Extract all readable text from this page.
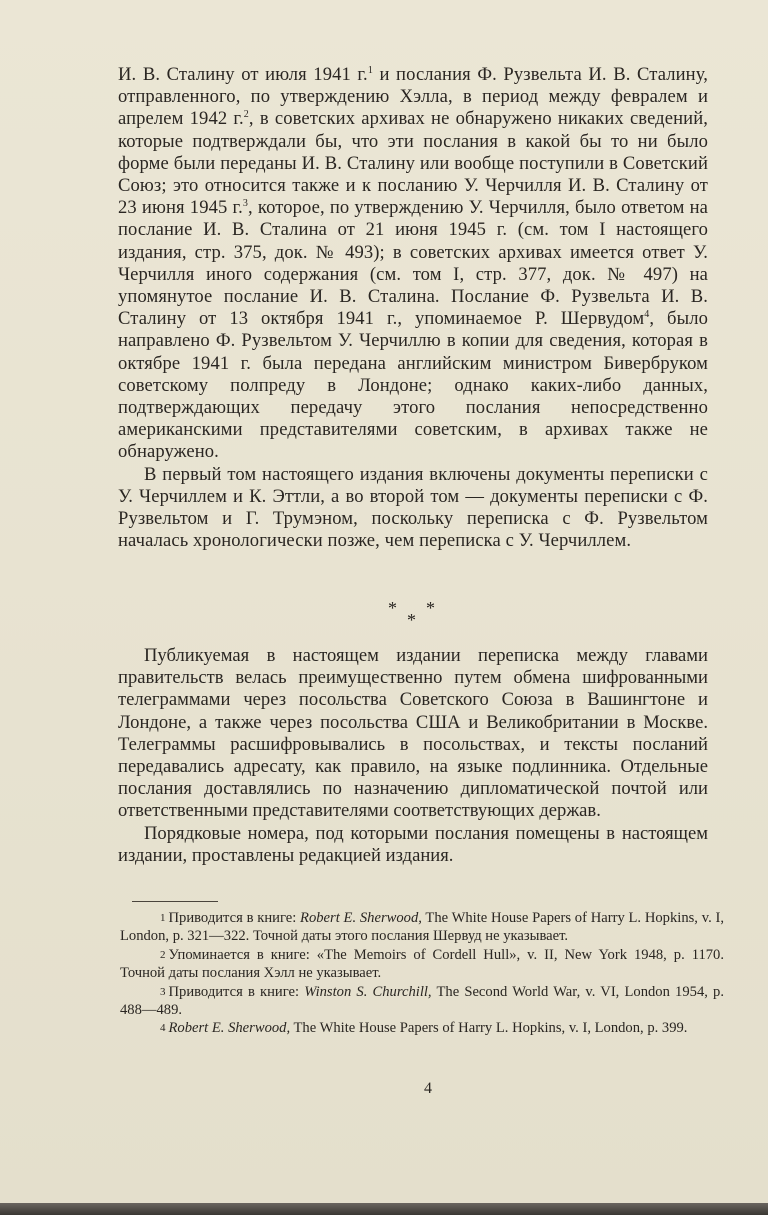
И. В. Сталину от июля 1941 г.$^1$ и послания Ф. Рузвельта И. В. Сталину, отправленного, по утверждению Хэлла, в период между февралем и апрелем 1942 г.$^2$, в советских архивах не обнаружено никаких сведений, которые подтверждали бы, что эти послания в какой бы то ни было форме были переданы И. В. Сталину или вообще поступили в Советский Союз; это относится также и к посланию У. Черчилля И. В. Сталину от 23 июня 1945 г.$^3$, которое, по утверждению У. Черчилля, было ответом на послание И. В. Сталина от 21 июня 1945 г. (см. том I настоящего издания, стр. 375, док. № 493); в советских архивах имеется ответ У. Черчилля иного содержания (см. том I, стр. 377, док. № 497) на упомянутое послание И. В. Сталина. Послание Ф. Рузвельта И. В. Сталину от 13 октября 1941 г., упоминаемое Р. Шервудом$^4$, было направлено Ф. Рузвельтом У. Черчиллю в копии для сведения, которая в октябре 1941 г. была передана английским министром Бивербруком советскому полпреду в Лондоне; однако каких-либо данных, подтверждающих передачу этого послания непосредственно американскими представителями советским, в архивах также не обнаружено.

В первый том настоящего издания включены документы переписки с У. Черчиллем и К. Эттли, а во второй том — документы переписки с Ф. Рузвельтом и Г. Трумэном, поскольку переписка с Ф. Рузвельтом началась хронологически позже, чем переписка с У. Черчиллем.

* *
*

Публикуемая в настоящем издании переписка между главами правительств велась преимущественно путем обмена шифрованными телеграммами через посольства Советского Союза в Вашингтоне и Лондоне, а также через посольства США и Великобритании в Москве. Телеграммы расшифровывались в посольствах, и тексты посланий передавались адресату, как правило, на языке подлинника. Отдельные послания доставлялись по назначению дипломатической почтой или ответственными представителями соответствующих держав.

Порядковые номера, под которыми послания помещены в настоящем издании, проставлены редакцией издания.

1 Приводится в книге: Robert E. Sherwood, The White House Papers of Harry L. Hopkins, v. I, London, p. 321—322. Точной даты этого послания Шервуд не указывает.

2 Упоминается в книге: «The Memoirs of Cordell Hull», v. II, New York 1948, p. 1170. Точной даты послания Хэлл не указывает.

3 Приводится в книге: Winston S. Churchill, The Second World War, v. VI, London 1954, p. 488—489.

4 Robert E. Sherwood, The White House Papers of Harry L. Hopkins, v. I, London, p. 399.

4
